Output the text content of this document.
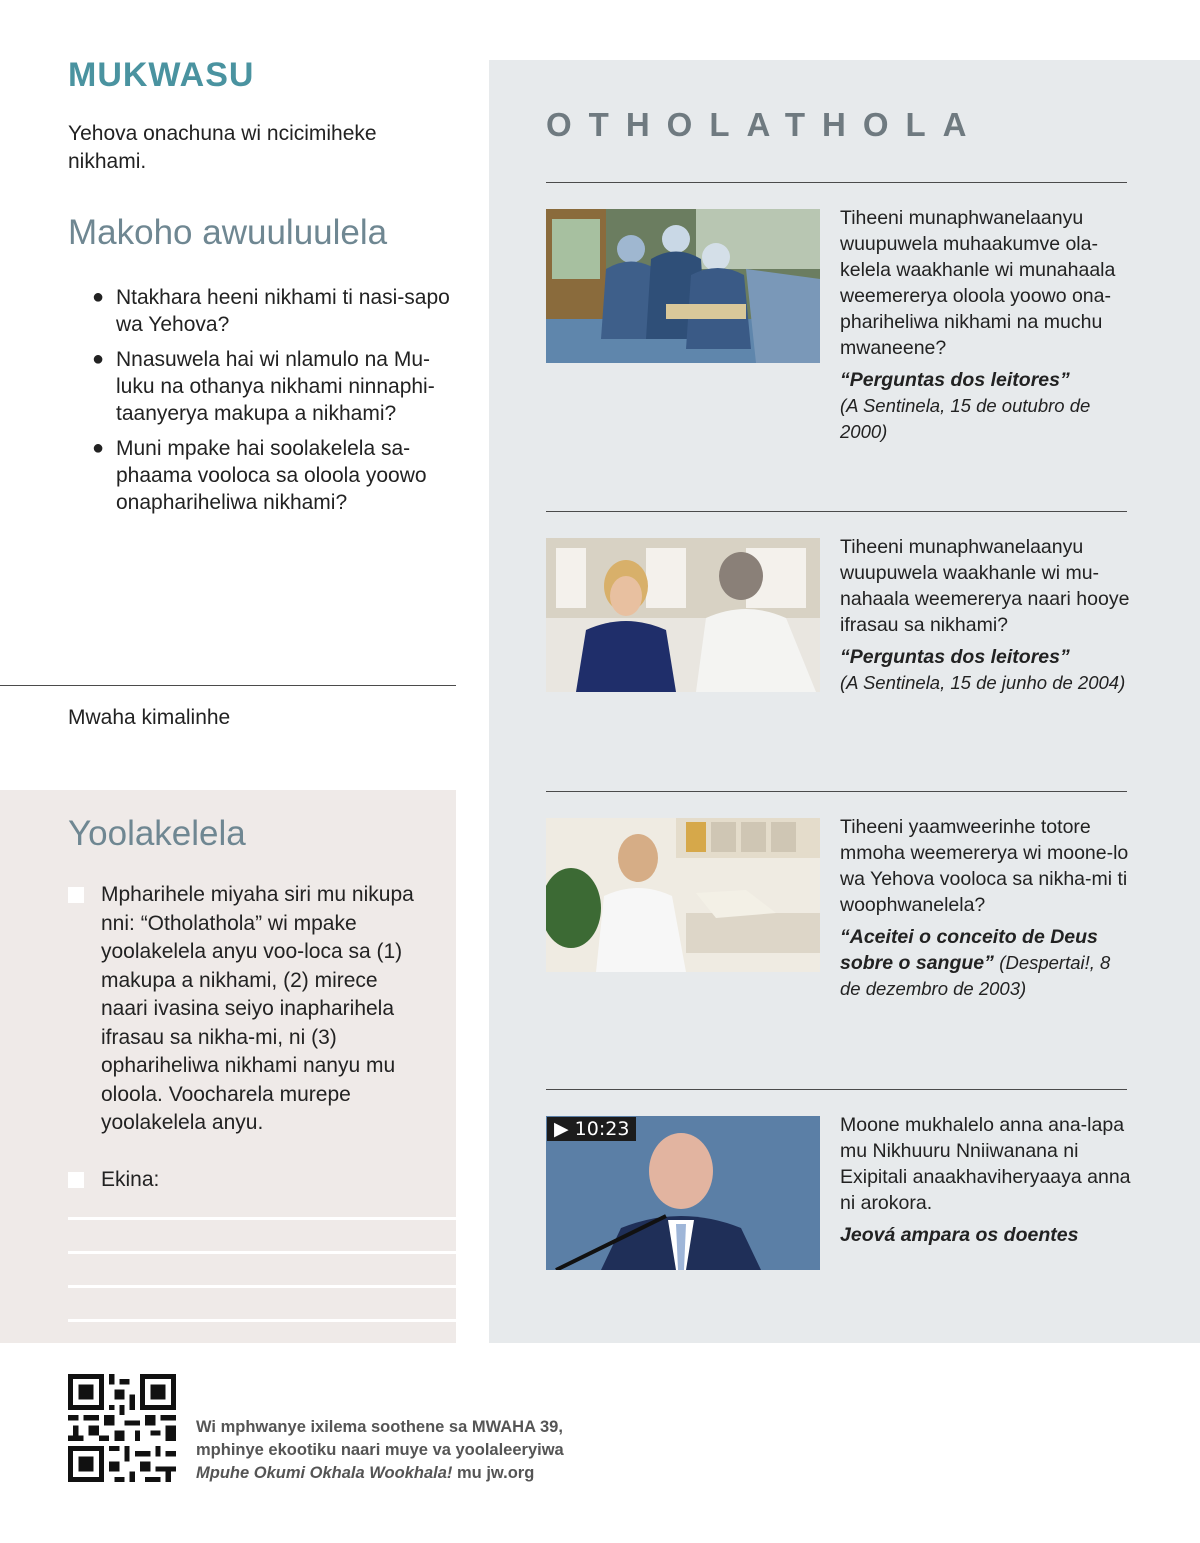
MUKWASU
Yehova onachuna wi ncicimiheke nikhami.
Makoho awuuluulela
● Ntakhara heeni nikhami ti nasi-sapo wa Yehova?
● Nnasuwela hai wi nlamulo na Mu-luku na othanya nikhami ninnaphi-taanyerya makupa a nikhami?
● Muni mpake hai soolakelela sa-phaama vooloca sa oloola yoowo onaphariheliwa nikhami?
Mwaha kimalinhe
Yoolakelela
Mpharihele miyaha siri mu nikupa nni: “Otholathola” wi mpake yoolakelela anyu voo-loca sa (1) makupa a nikhami, (2) mirece naari ivasina seiyo inapharihela ifrasau sa nikha-mi, ni (3) ophariheliwa nikhami nanyu mu oloola. Voocharela murepe yoolakelela anyu.
Ekina:
OTHOLATHOLA
Tiheeni munaphwanelaanyu wuupuwela muhaakumve ola-kelela waakhanle wi munahaala weemererya oloola yoowo ona-phariheliwa nikhami na muchu mwaneene?
“Perguntas dos leitores”
(A Sentinela, 15 de outubro de 2000)
Tiheeni munaphwanelaanyu wuupuwela waakhanle wi mu-nahaala weemererya naari hooye ifrasau sa nikhami?
“Perguntas dos leitores”
(A Sentinela, 15 de junho de 2004)
Tiheeni yaamweerinhe totore mmoha weemererya wi moone-lo wa Yehova vooloca sa nikha-mi ti woophwanelela?
“Aceitei o conceito de Deus sobre o sangue” (Despertai!, 8 de dezembro de 2003)
▶ 10:23	Moone mukhalelo anna ana-lapa mu Nikhuuru Nniiwanana ni Exipitali anaakhaviheryaaya anna ni arokora.
Jeová ampara os doentes
Wi mphwanye ixilema soothene sa MWAHA 39,
mphinye ekootiku naari muye va yoolaleeryiwa
Mpuhe Okumi Okhala Wookhala! mu jw.org
